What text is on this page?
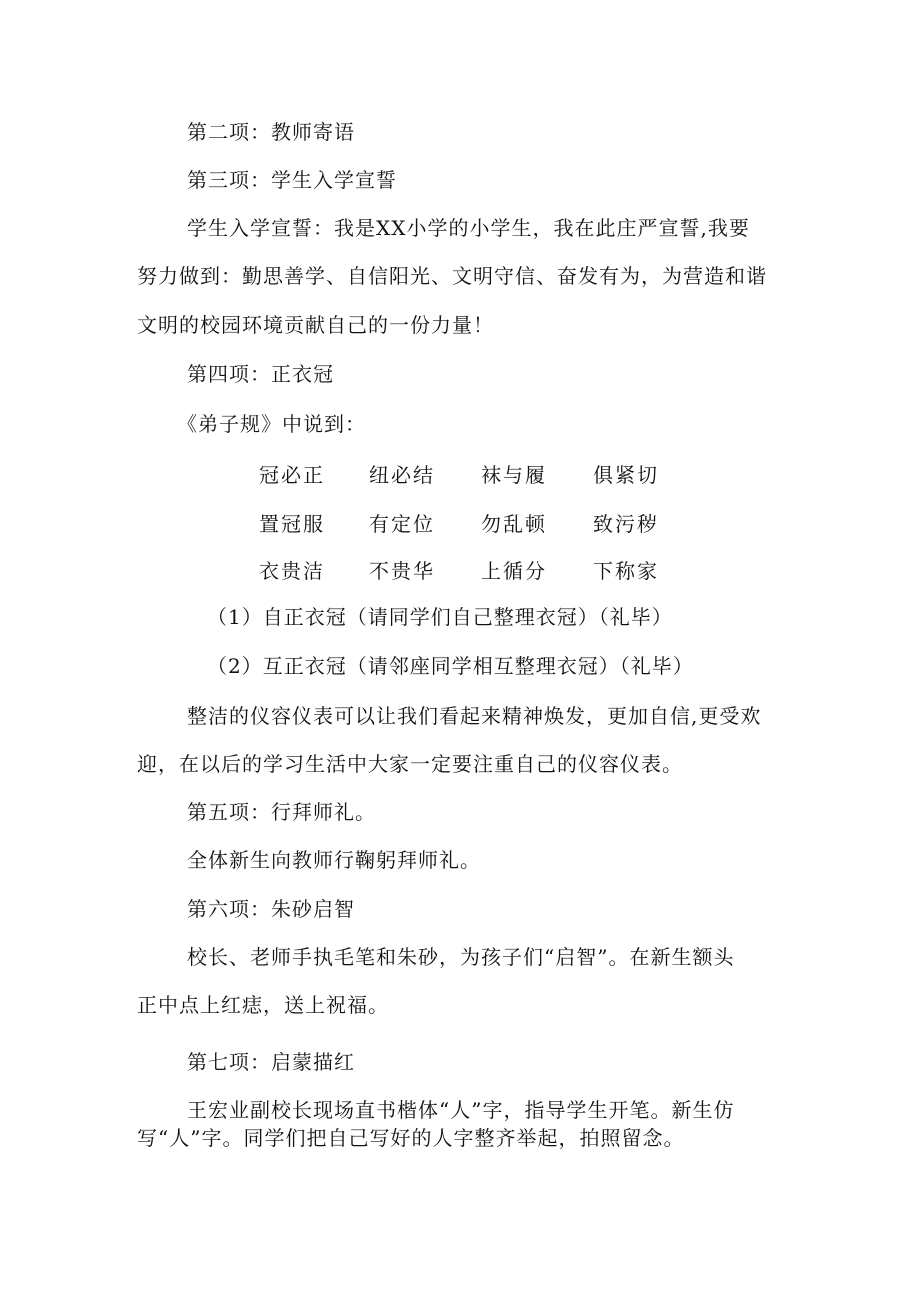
第二项：教师寄语
第三项：学生入学宣誓
学生入学宣誓：我是XX小学的小学生，我在此庄严宣誓,我要
努力做到：勤思善学、自信阳光、文明守信、奋发有为，为营造和谐
文明的校园环境贡献自己的一份力量！
第四项：正衣冠
《弟子规》中说到：
冠必正 纽必结 袜与履 俱紧切
置冠服 有定位 勿乱顿 致污秽
衣贵洁 不贵华 上循分 下称家
（1）自正衣冠（请同学们自己整理衣冠）（礼毕）
（2）互正衣冠（请邻座同学相互整理衣冠）（礼毕）
整洁的仪容仪表可以让我们看起来精神焕发，更加自信,更受欢
迎，在以后的学习生活中大家一定要注重自己的仪容仪表。
第五项：行拜师礼。
全体新生向教师行鞠躬拜师礼。
第六项：朱砂启智
校长、老师手执毛笔和朱砂，为孩子们“启智”。在新生额头
正中点上红痣，送上祝福。
第七项：启蒙描红
王宏业副校长现场直书楷体“人”字，指导学生开笔。新生仿
写“人”字。同学们把自己写好的人字整齐举起，拍照留念。
